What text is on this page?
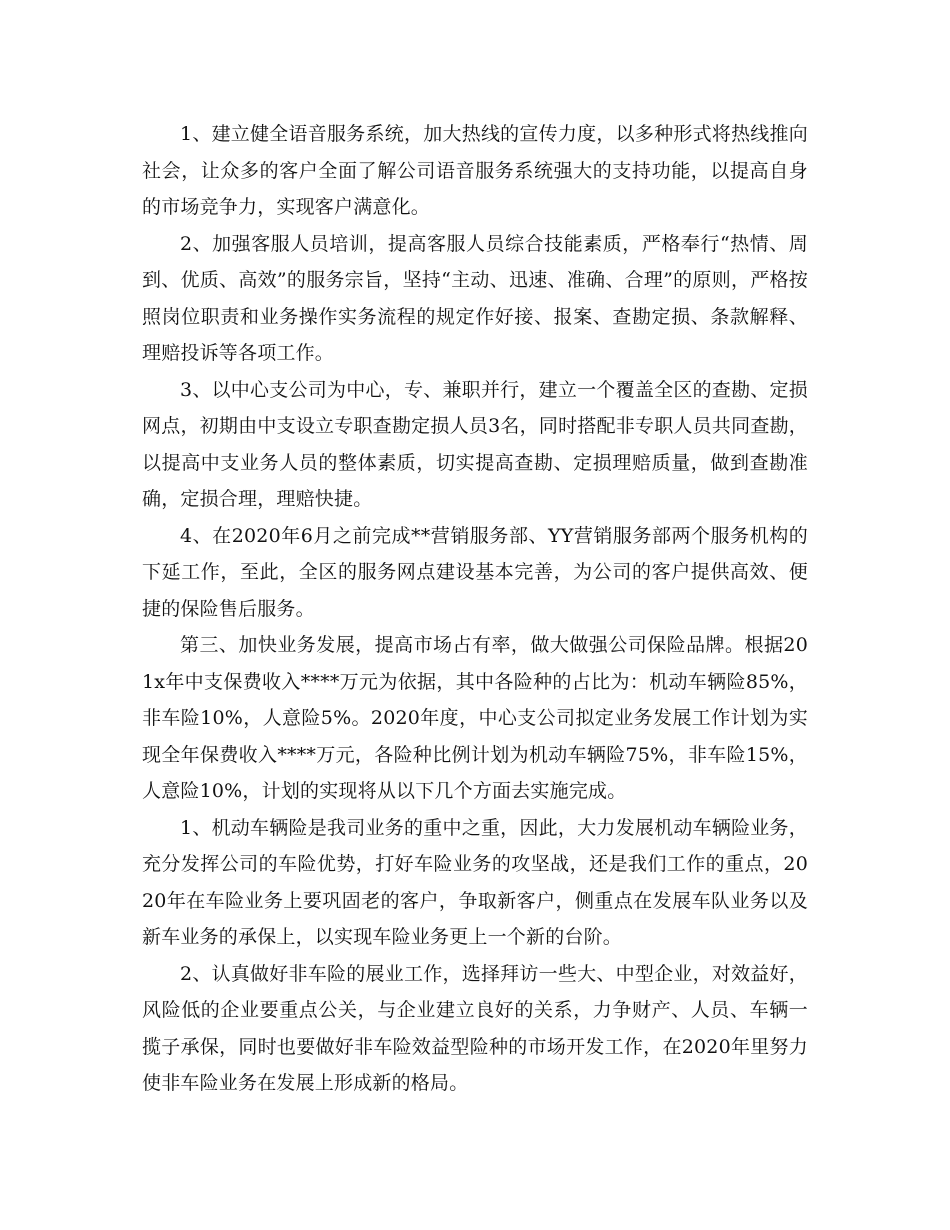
1、建立健全语音服务系统，加大热线的宣传力度，以多种形式将热线推向社会，让众多的客户全面了解公司语音服务系统强大的支持功能，以提高自身的市场竞争力，实现客户满意化。

2、加强客服人员培训，提高客服人员综合技能素质，严格奉行“热情、周到、优质、高效”的服务宗旨，坚持“主动、迅速、准确、合理”的原则，严格按照岗位职责和业务操作实务流程的规定作好接、报案、查勘定损、条款解释、理赔投诉等各项工作。

3、以中心支公司为中心，专、兼职并行，建立一个覆盖全区的查勘、定损网点，初期由中支设立专职查勘定损人员3名，同时搭配非专职人员共同查勘，以提高中支业务人员的整体素质，切实提高查勘、定损理赔质量，做到查勘准确，定损合理，理赔快捷。

4、在2020年6月之前完成**营销服务部、YY营销服务部两个服务机构的下延工作，至此，全区的服务网点建设基本完善，为公司的客户提供高效、便捷的保险售后服务。

第三、加快业务发展，提高市场占有率，做大做强公司保险品牌。根据201x年中支保费收入****万元为依据，其中各险种的占比为：机动车辆险85%，非车险10%，人意险5%。2020年度，中心支公司拟定业务发展工作计划为实现全年保费收入****万元，各险种比例计划为机动车辆险75%，非车险15%，人意险10%，计划的实现将从以下几个方面去实施完成。

1、机动车辆险是我司业务的重中之重，因此，大力发展机动车辆险业务，充分发挥公司的车险优势，打好车险业务的攻坚战，还是我们工作的重点，2020年在车险业务上要巩固老的客户，争取新客户，侧重点在发展车队业务以及新车业务的承保上，以实现车险业务更上一个新的台阶。

2、认真做好非车险的展业工作，选择拜访一些大、中型企业，对效益好，风险低的企业要重点公关，与企业建立良好的关系，力争财产、人员、车辆一揽子承保，同时也要做好非车险效益型险种的市场开发工作，在2020年里努力使非车险业务在发展上形成新的格局。
